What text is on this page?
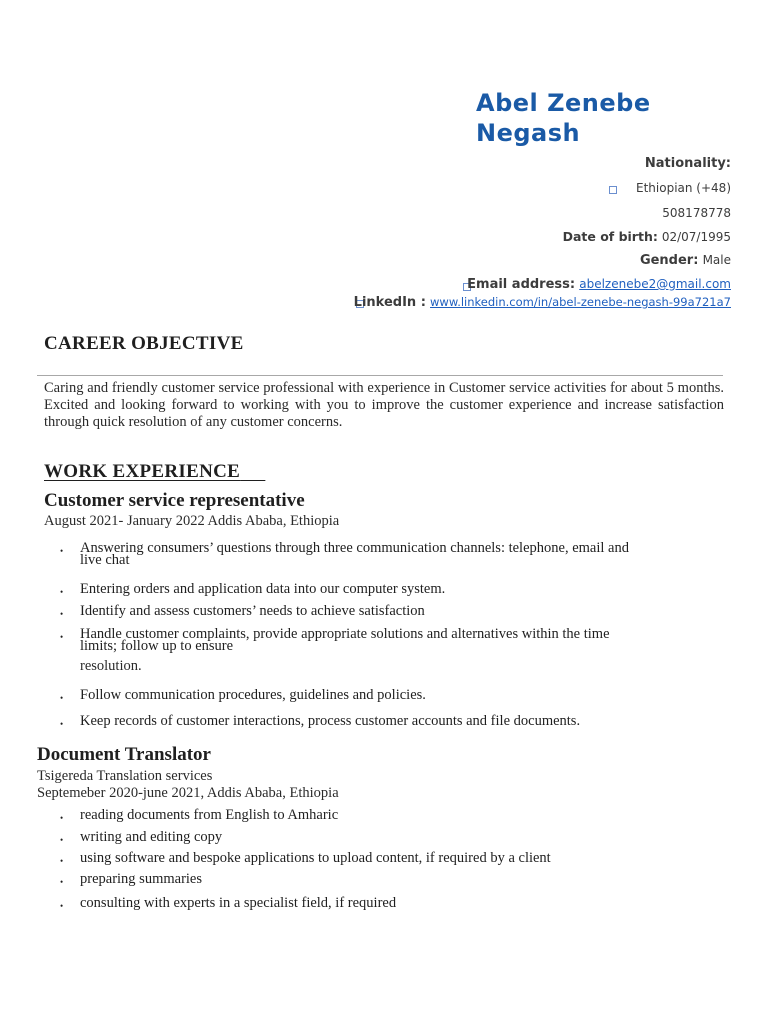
Abel Zenebe
Negash
Nationality:
Ethiopian (+48)
508178778
Date of birth: 02/07/1995
Gender: Male
Email address: abelzenebe2@gmail.com
LinkedIn : www.linkedin.com/in/abel-zenebe-negash-99a721a7
CAREER OBJECTIVE
Caring and friendly customer service professional with experience in Customer service activities for about 5 months. Excited and looking forward to working with you to improve the customer experience and increase satisfaction through quick resolution of any customer concerns.
WORK EXPERIENCE
Customer service representative
August 2021- January 2022 Addis Ababa, Ethiopia
• Answering consumers’ questions through three communication channels: telephone, email and
live chat
• Entering orders and application data into our computer system.
• Identify and assess customers’ needs to achieve satisfaction
• Handle customer complaints, provide appropriate solutions and alternatives within the time
limits; follow up to ensure
resolution.
• Follow communication procedures, guidelines and policies.
• Keep records of customer interactions, process customer accounts and file documents.
Document Translator
Tsigereda Translation services
Septemeber 2020-june 2021, Addis Ababa, Ethiopia
• reading documents from English to Amharic
• writing and editing copy
• using software and bespoke applications to upload content, if required by a client
• preparing summaries
• consulting with experts in a specialist field, if required
